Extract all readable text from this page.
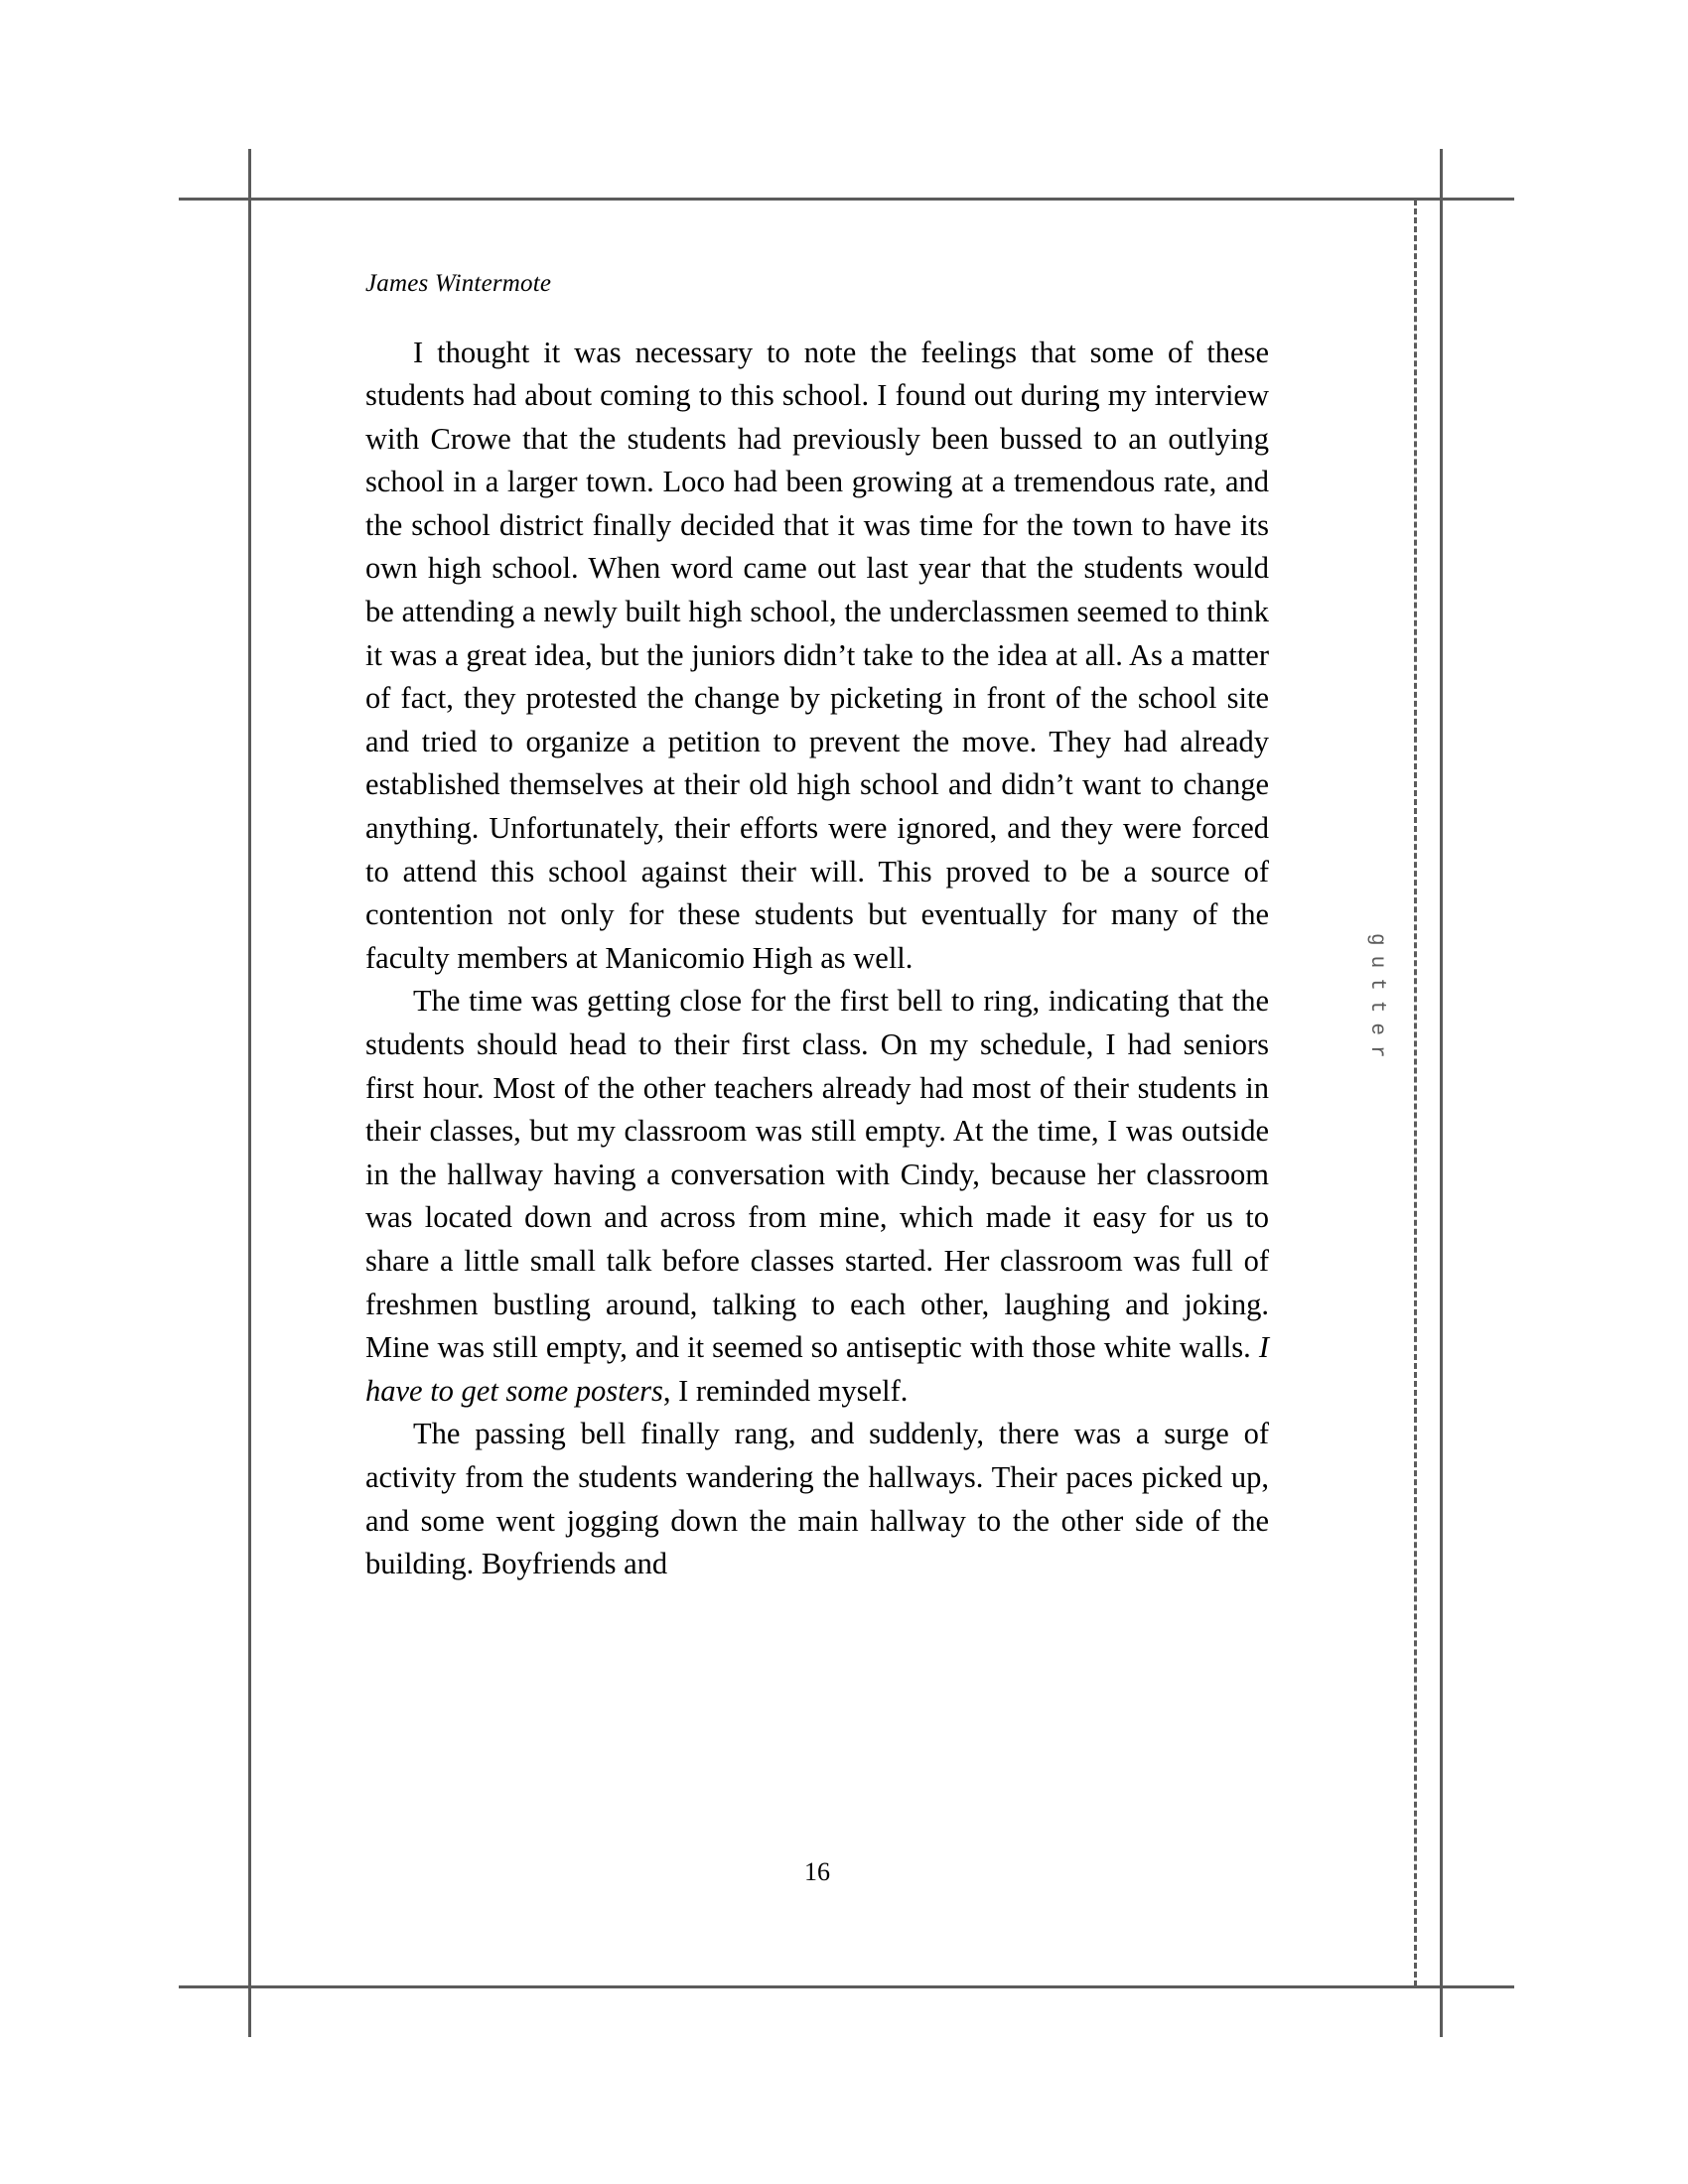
gutter
James Wintermote

I thought it was necessary to note the feelings that some of these students had about coming to this school. I found out during my interview with Crowe that the students had previously been bussed to an outlying school in a larger town. Loco had been growing at a tremendous rate, and the school district finally decided that it was time for the town to have its own high school. When word came out last year that the students would be attending a newly built high school, the underclassmen seemed to think it was a great idea, but the juniors didn’t take to the idea at all. As a matter of fact, they protested the change by picketing in front of the school site and tried to organize a petition to prevent the move. They had already established themselves at their old high school and didn’t want to change anything. Unfortunately, their efforts were ignored, and they were forced to attend this school against their will. This proved to be a source of contention not only for these students but eventually for many of the faculty members at Manicomio High as well.

The time was getting close for the first bell to ring, indicating that the students should head to their first class. On my schedule, I had seniors first hour. Most of the other teachers already had most of their students in their classes, but my classroom was still empty. At the time, I was outside in the hallway having a conversation with Cindy, because her classroom was located down and across from mine, which made it easy for us to share a little small talk before classes started. Her classroom was full of freshmen bustling around, talking to each other, laughing and joking. Mine was still empty, and it seemed so antiseptic with those white walls. I have to get some posters, I reminded myself.

The passing bell finally rang, and suddenly, there was a surge of activity from the students wandering the hallways. Their paces picked up, and some went jogging down the main hallway to the other side of the building. Boyfriends and

16
